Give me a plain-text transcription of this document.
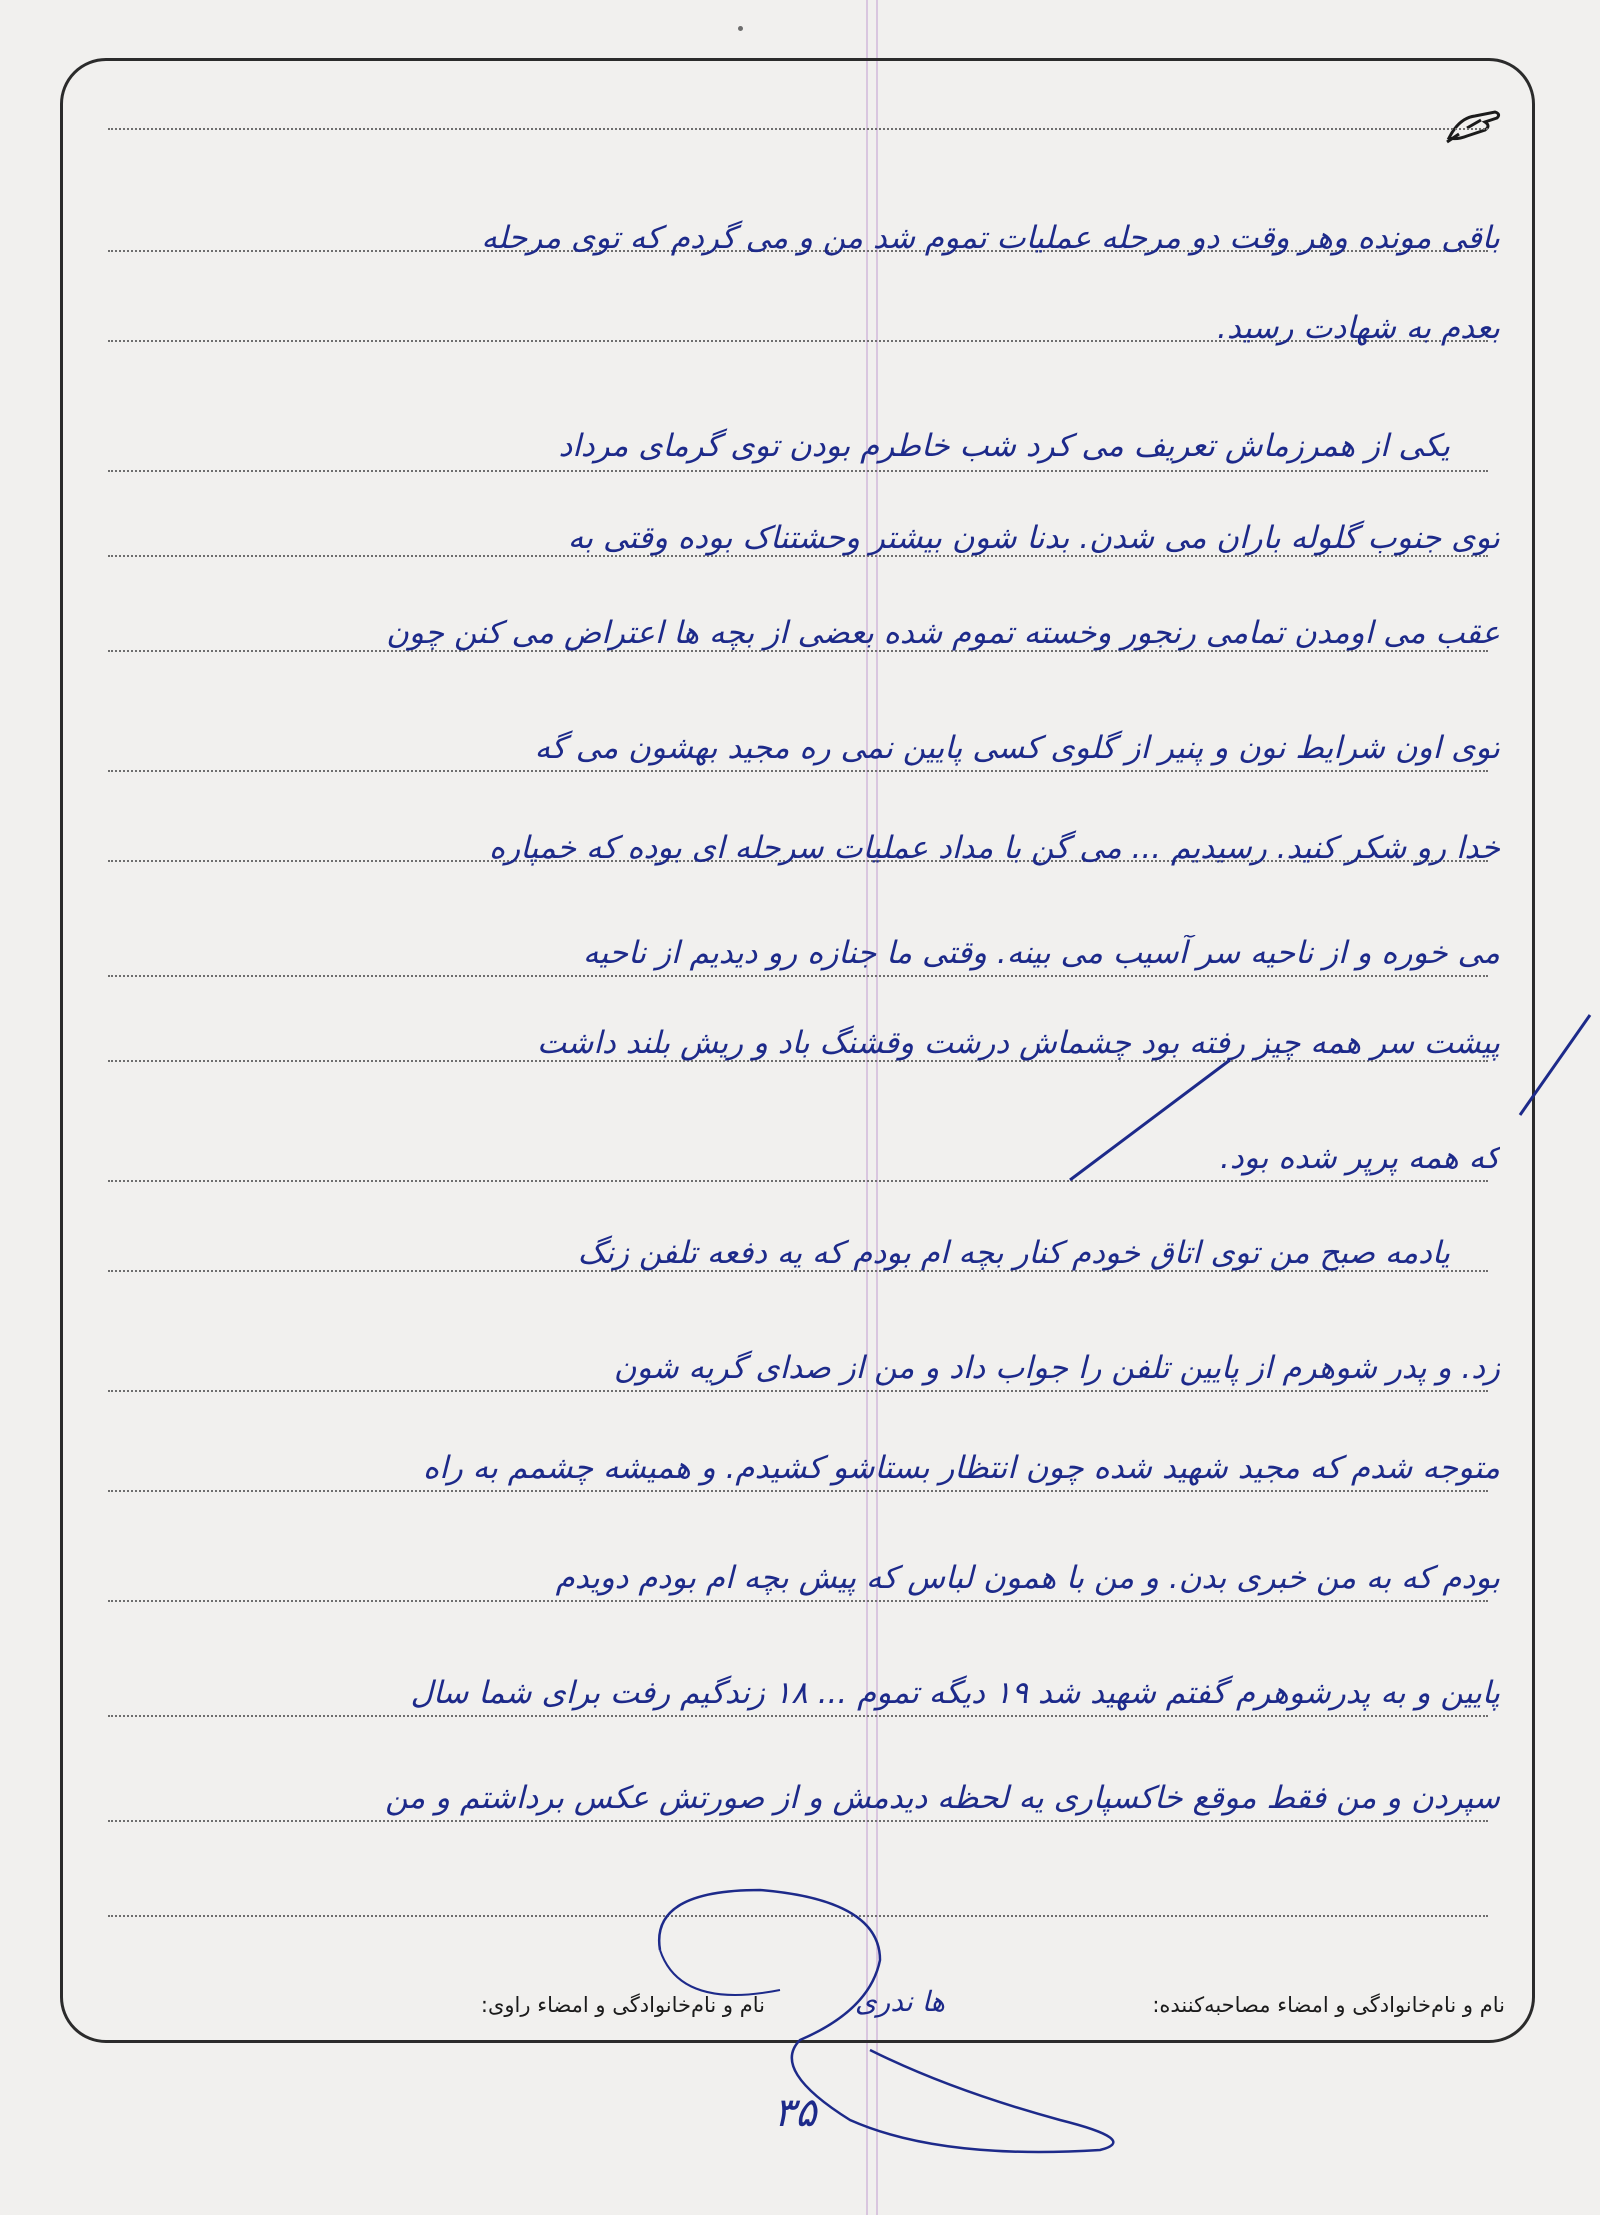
باقی مونده وهر وقت دو مرحله عملیات تموم شد من و می گردم که توی مرحله
بعدم به شهادت رسید.
یکی از همرزماش تعریف می کرد شب خاطرم بودن توی گرمای مرداد
توی جنوب گلوله باران می شدن. بدنا شون بیشتر وحشتناک بوده وقتی به
عقب می اومدن تمامی رنجور وخسته تموم شده بعضی از بچه ها اعتراض می کنن چون
توی اون شرایط نون و پنیر از گلوی کسی پایین نمی ره مجید بهشون می گه
خدا رو شکر کنید. رسیدیم ... می گن با مداد عملیات سرحله ای بوده که خمپاره
می خوره و از ناحیه سر آسیب می بینه. وقتی ما جنازه رو دیدیم از ناحیه
پیشت سر همه چیز رفته بود چشماش درشت وقشنگ باد و ریش بلند داشت
که همه پرپر شده بود.
یادمه صبح من توی اتاق خودم کنار بچه ام بودم که یه دفعه تلفن زنگ
زد. و پدر شوهرم از پایین تلفن را جواب داد و من از صدای گریه شون
متوجه شدم که مجید شهید شده چون انتظار بستاشو کشیدم. و همیشه چشمم به راه
بودم که به من خبری بدن. و من با همون لباس که پیش بچه ام بودم دویدم
پایین و به پدرشوهرم گفتم شهید شد ۱۹ دیگه تموم ... ۱۸ زندگیم رفت برای شما سال
سپردن و من فقط موقع خاکسپاری یه لحظه دیدمش و از صورتش عکس برداشتم و من
نام و نام‌خانوادگی و امضاء مصاحبه‌کننده:
ها ندری
نام و نام‌خانوادگی و امضاء راوی:
۳۵
